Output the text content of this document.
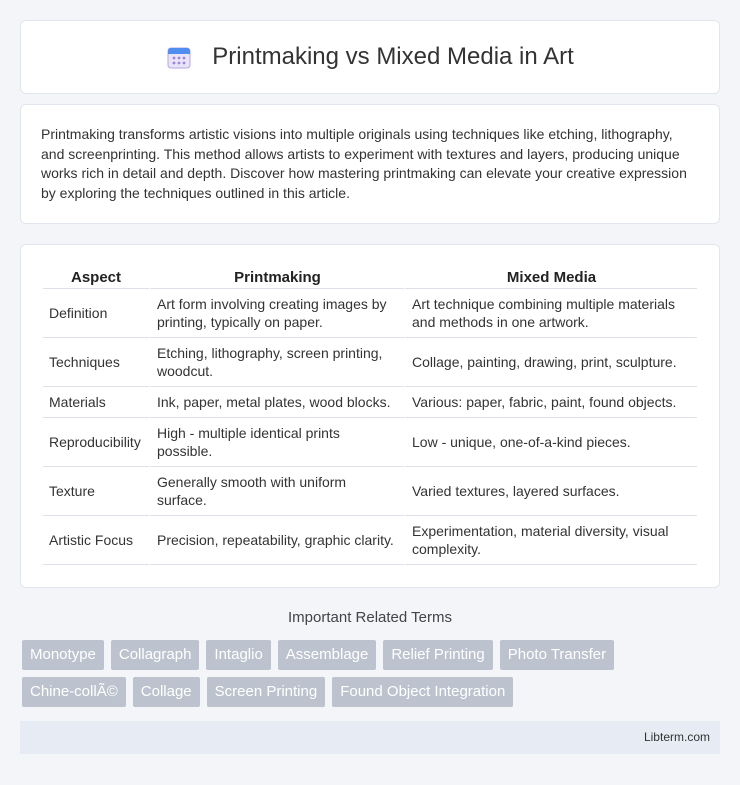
Printmaking vs Mixed Media in Art

Printmaking transforms artistic visions into multiple originals using techniques like etching, lithography, and screenprinting. This method allows artists to experiment with textures and layers, producing unique works rich in detail and depth. Discover how mastering printmaking can elevate your creative expression by exploring the techniques outlined in this article.

Aspect	Printmaking	Mixed Media
Definition	Art form involving creating images by printing, typically on paper.	Art technique combining multiple materials and methods in one artwork.
Techniques	Etching, lithography, screen printing, woodcut.	Collage, painting, drawing, print, sculpture.
Materials	Ink, paper, metal plates, wood blocks.	Various: paper, fabric, paint, found objects.
Reproducibility	High - multiple identical prints possible.	Low - unique, one-of-a-kind pieces.
Texture	Generally smooth with uniform surface.	Varied textures, layered surfaces.
Artistic Focus	Precision, repeatability, graphic clarity.	Experimentation, material diversity, visual complexity.
Important Related Terms
Monotype	Collagraph	Intaglio	Assemblage	Relief Printing	Photo Transfer
Chine-collÃ©	Collage	Screen Printing	Found Object Integration
Libterm.com
